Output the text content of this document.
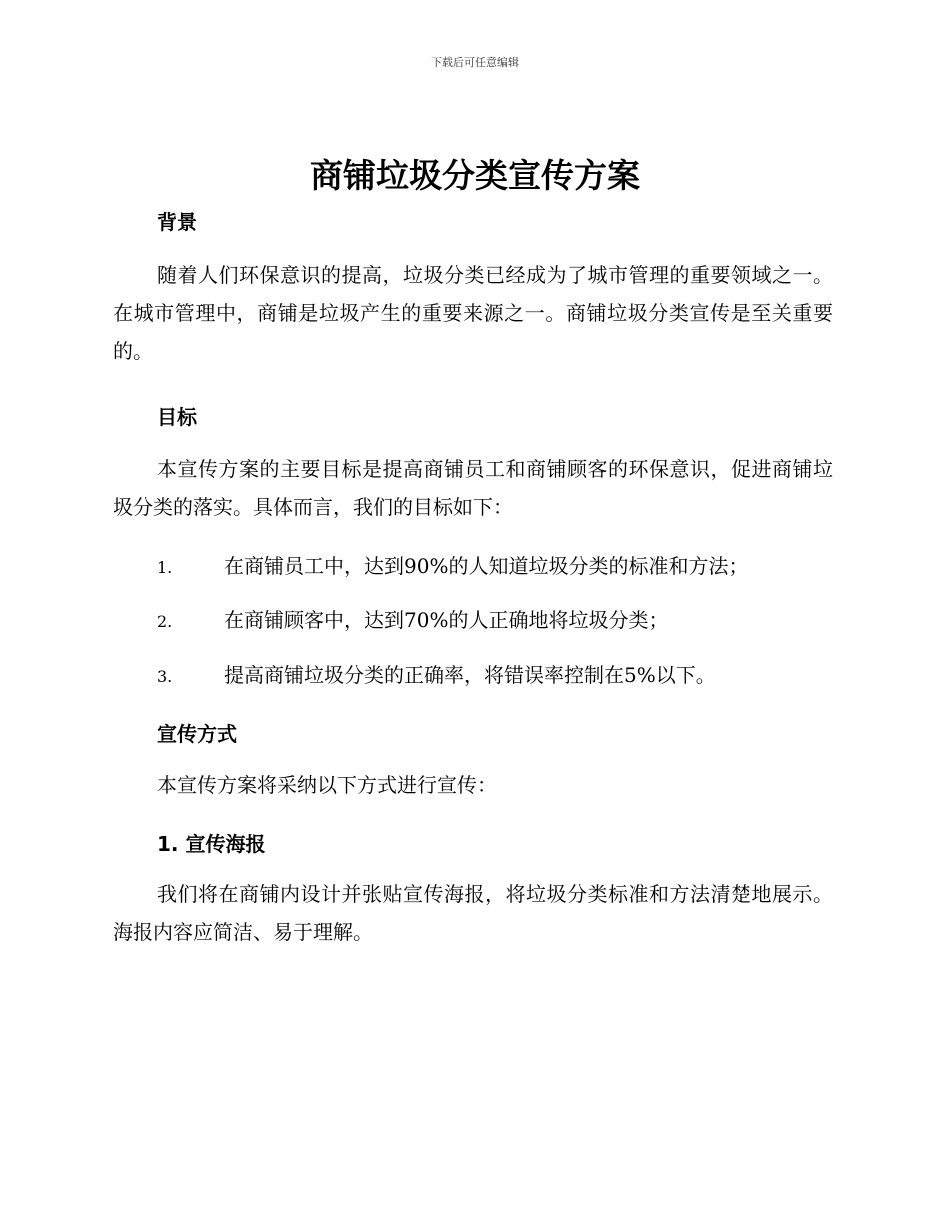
下载后可任意编辑
商铺垃圾分类宣传方案
背景
随着人们环保意识的提高，垃圾分类已经成为了城市管理的重要领域之一。在城市管理中，商铺是垃圾产生的重要来源之一。商铺垃圾分类宣传是至关重要的。
目标
本宣传方案的主要目标是提高商铺员工和商铺顾客的环保意识，促进商铺垃圾分类的落实。具体而言，我们的目标如下：
1.	在商铺员工中，达到90%的人知道垃圾分类的标准和方法；
2.	在商铺顾客中，达到70%的人正确地将垃圾分类；
3.	提高商铺垃圾分类的正确率，将错误率控制在5%以下。
宣传方式
本宣传方案将采纳以下方式进行宣传：
1. 宣传海报
我们将在商铺内设计并张贴宣传海报，将垃圾分类标准和方法清楚地展示。海报内容应简洁、易于理解。
